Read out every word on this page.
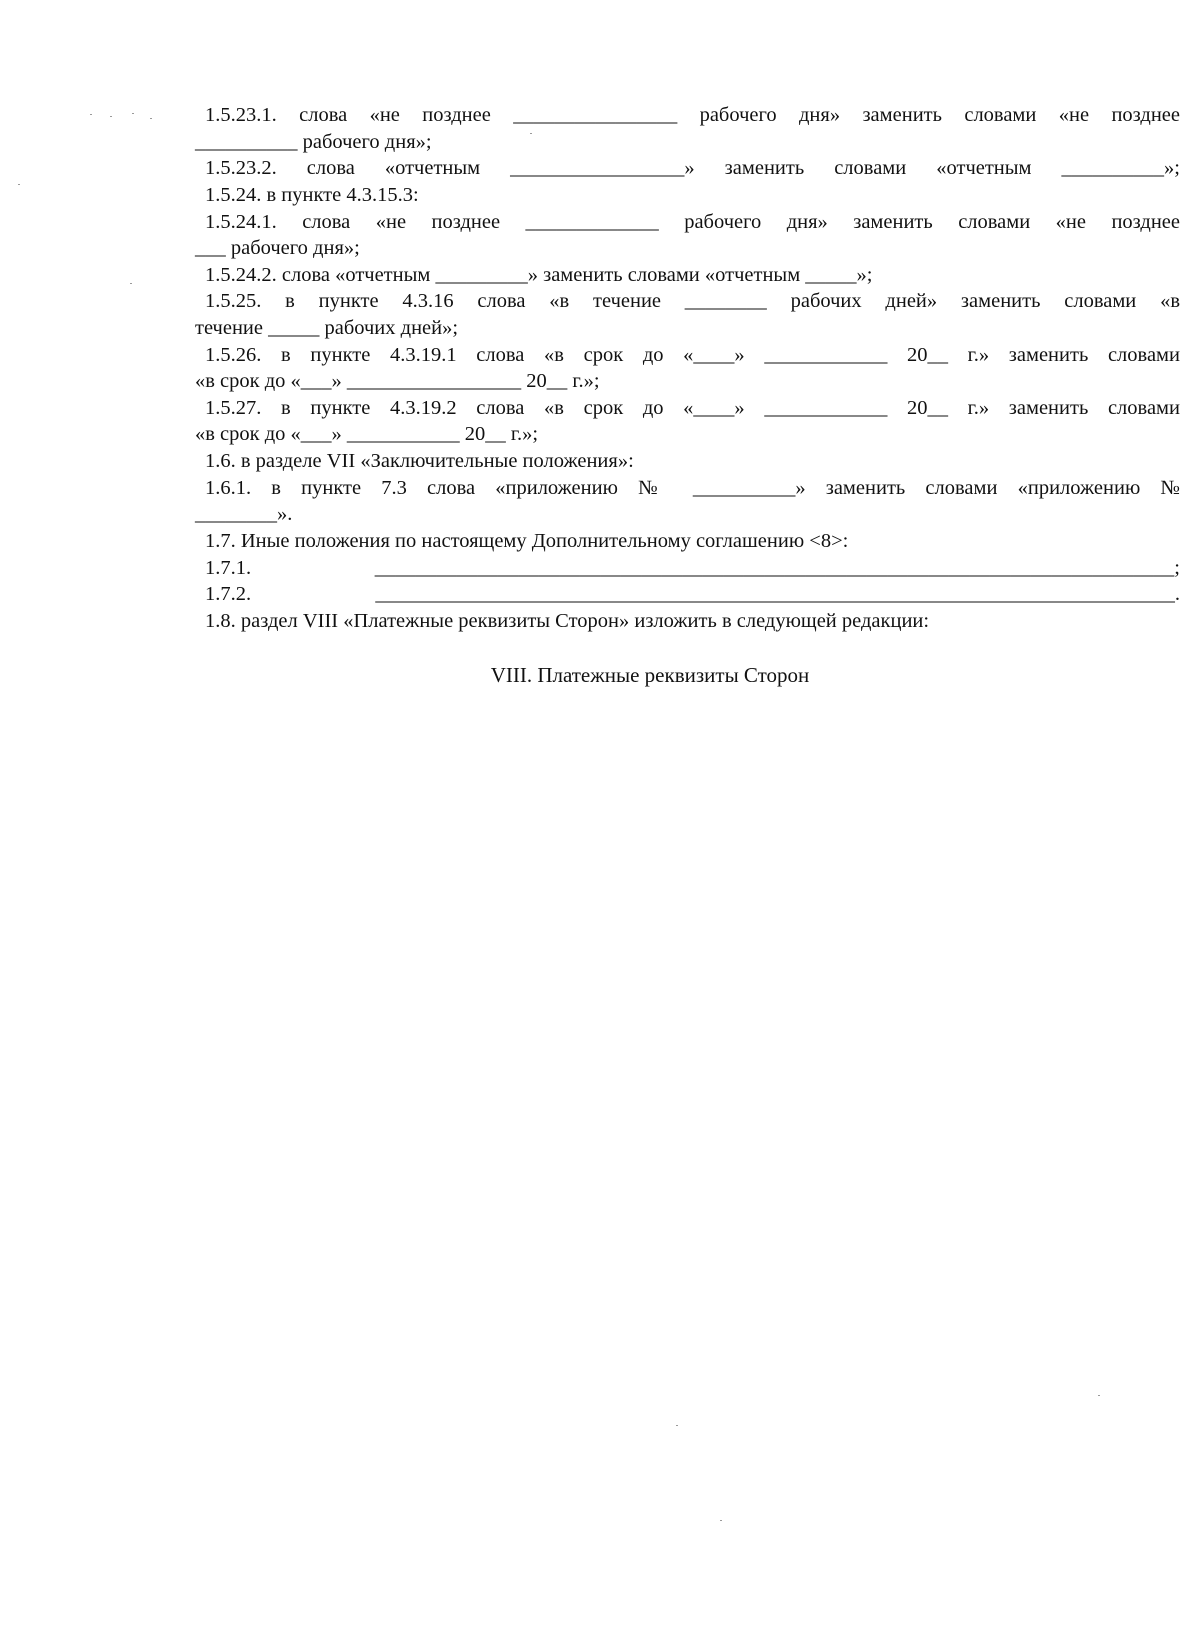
1.5.23.1. слова «не позднее ________________ рабочего дня» заменить словами «не позднее
__________ рабочего дня»;
1.5.23.2. слова «отчетным _________________» заменить словами «отчетным __________»;
1.5.24. в пункте 4.3.15.3:
1.5.24.1. слова «не позднее _____________ рабочего дня» заменить словами «не позднее
___ рабочего дня»;
1.5.24.2. слова «отчетным _________» заменить словами «отчетным _____»;
1.5.25. в пункте 4.3.16 слова «в течение ________ рабочих дней» заменить словами «в
течение _____ рабочих дней»;
1.5.26. в пункте 4.3.19.1 слова «в срок до «____» ____________ 20__ г.» заменить словами
«в срок до «___» _________________ 20__ г.»;
1.5.27. в пункте 4.3.19.2 слова «в срок до «____» ____________ 20__ г.» заменить словами
«в срок до «___» ___________ 20__ г.»;
1.6. в разделе VII «Заключительные положения»:
1.6.1. в пункте 7.3 слова «приложению № __________» заменить словами «приложению №
________».
1.7. Иные положения по настоящему Дополнительному соглашению <8>:
1.7.1. ______________________________________________________________________________;
1.7.2. ______________________________________________________________________________.
1.8. раздел VIII «Платежные реквизиты Сторон» изложить в следующей редакции:
VIII. Платежные реквизиты Сторон
